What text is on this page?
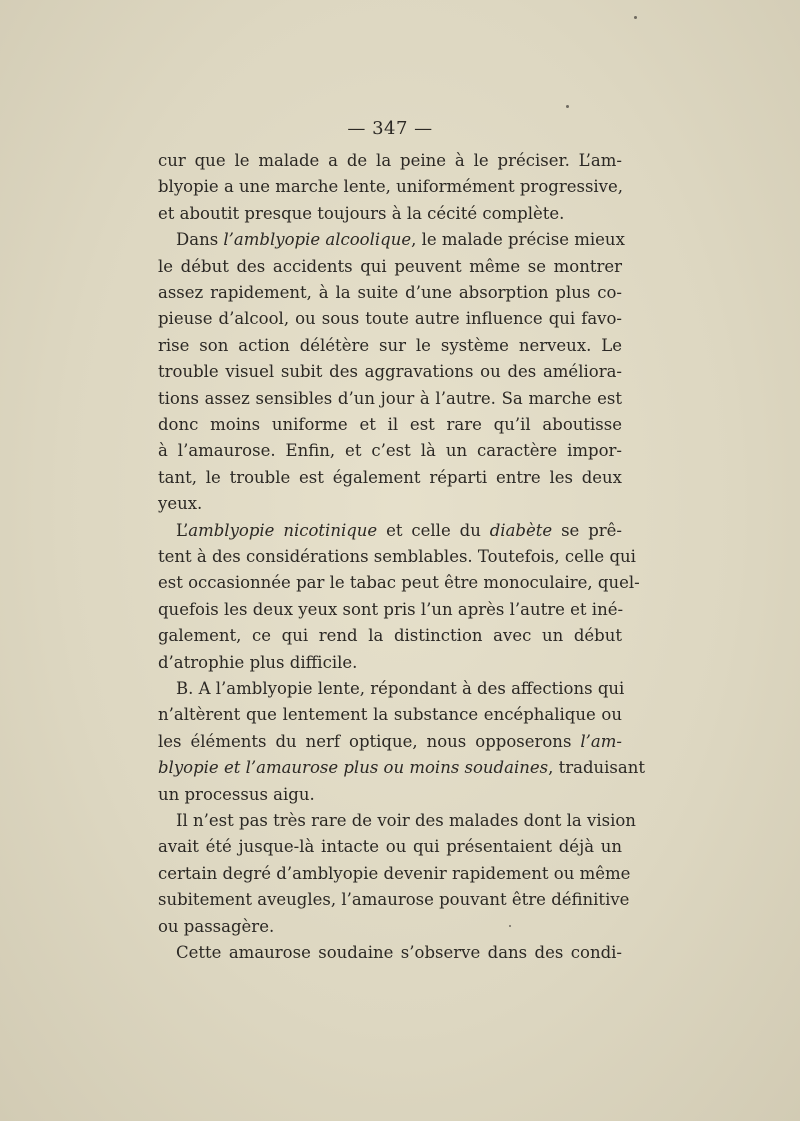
— 347 —
cur que le malade a de la peine à le préciser. L’am-
blyopie a une marche lente, uniformément progressive,
et aboutit presque toujours à la cécité complète.
Dans l’amblyopie alcoolique, le malade précise mieux
le début des accidents qui peuvent même se montrer
assez rapidement, à la suite d’une absorption plus co-
pieuse d’alcool, ou sous toute autre influence qui favo-
rise son action délétère sur le système nerveux. Le
trouble visuel subit des aggravations ou des améliora-
tions assez sensibles d’un jour à l’autre. Sa marche est
donc moins uniforme et il est rare qu’il aboutisse
à l’amaurose. Enfin, et c’est là un caractère impor-
tant, le trouble est également réparti entre les deux
yeux.
L’amblyopie nicotinique et celle du diabète se prê-
tent à des considérations semblables. Toutefois, celle qui
est occasionnée par le tabac peut être monoculaire, quel-
quefois les deux yeux sont pris l’un après l’autre et iné-
galement, ce qui rend la distinction avec un début
d’atrophie plus difficile.
B. A l’amblyopie lente, répondant à des affections qui
n’altèrent que lentement la substance encéphalique ou
les éléments du nerf optique, nous opposerons l’am-
blyopie et l’amaurose plus ou moins soudaines, traduisant
un processus aigu.
Il n’est pas très rare de voir des malades dont la vision
avait été jusque-là intacte ou qui présentaient déjà un
certain degré d’amblyopie devenir rapidement ou même
subitement aveugles, l’amaurose pouvant être définitive
ou passagère.
Cette amaurose soudaine s’observe dans des condi-
